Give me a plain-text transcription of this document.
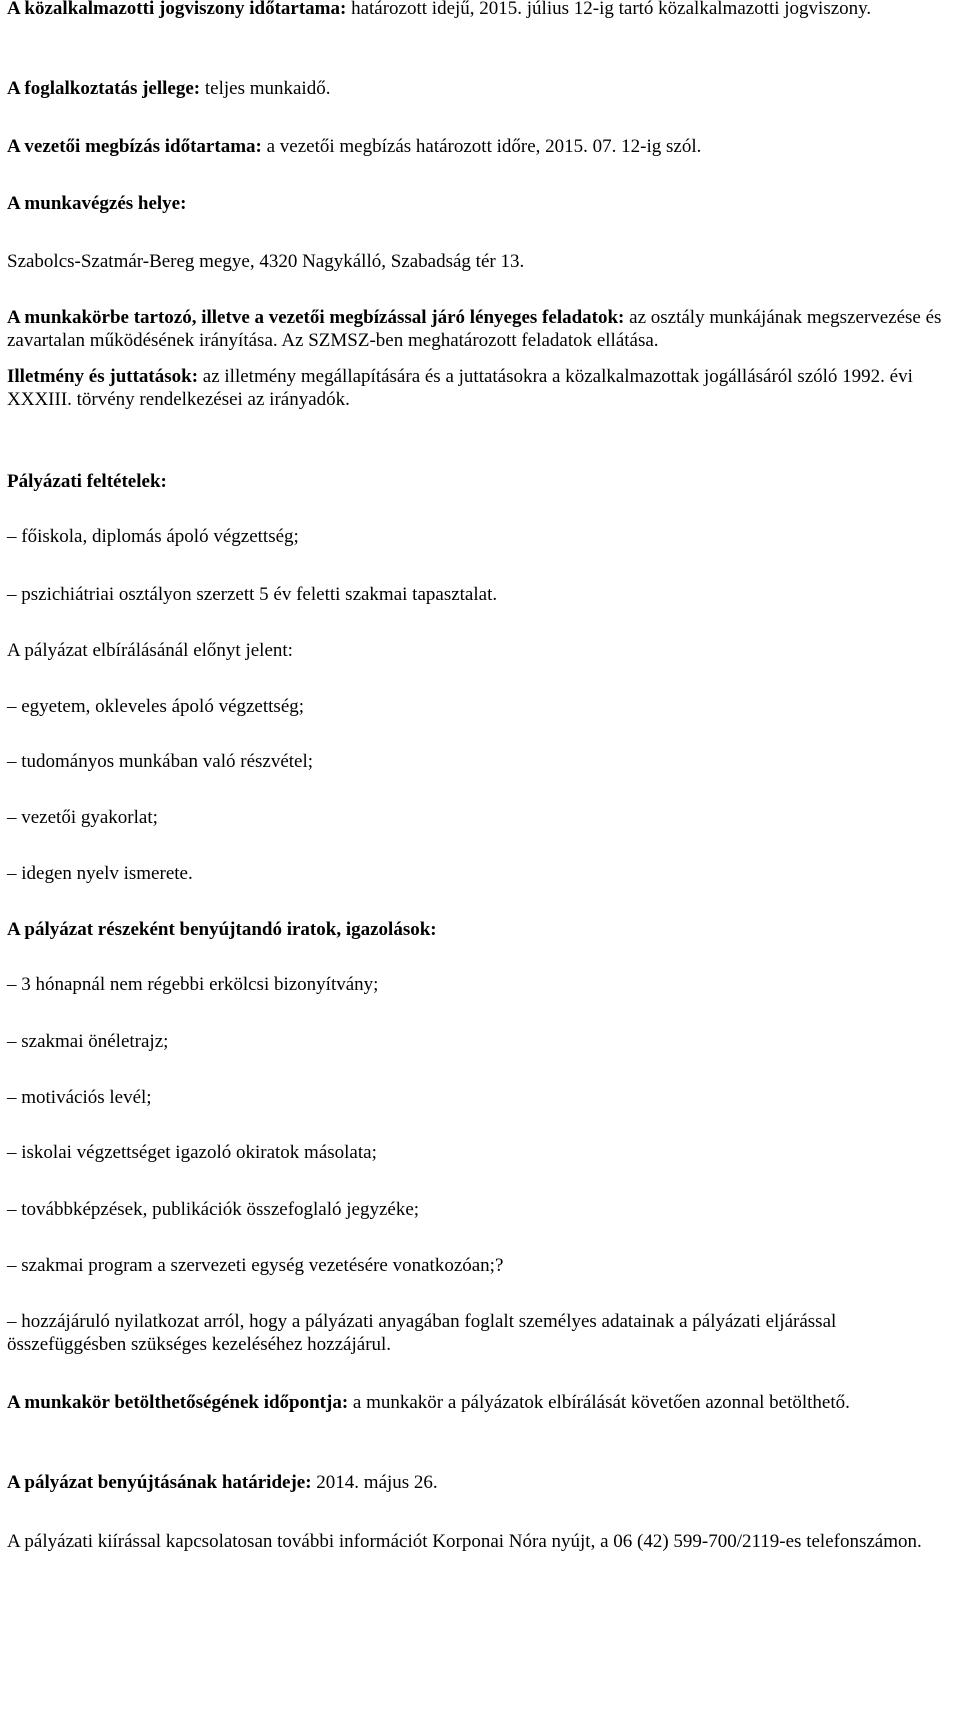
A közalkalmazotti jogviszony időtartama: határozott idejű, 2015. július 12-ig tartó közalkalmazotti jogviszony.

A foglalkoztatás jellege: teljes munkaidő.

A vezetői megbízás időtartama: a vezetői megbízás határozott időre, 2015. 07. 12-ig szól.

A munkavégzés helye:

Szabolcs-Szatmár-Bereg megye, 4320 Nagykálló, Szabadság tér 13.

A munkakörbe tartozó, illetve a vezetői megbízással járó lényeges feladatok: az osztály munkájának megszervezése és zavartalan működésének irányítása. Az SZMSZ-ben meghatározott feladatok ellátása.

Illetmény és juttatások: az illetmény megállapítására és a juttatásokra a közalkalmazottak jogállásáról szóló 1992. évi XXXIII. törvény rendelkezései az irányadók.

Pályázati feltételek:

– főiskola, diplomás ápoló végzettség;

– pszichiátriai osztályon szerzett 5 év feletti szakmai tapasztalat.

A pályázat elbírálásánál előnyt jelent:

– egyetem, okleveles ápoló végzettség;

– tudományos munkában való részvétel;

– vezetői gyakorlat;

– idegen nyelv ismerete.

A pályázat részeként benyújtandó iratok, igazolások:

– 3 hónapnál nem régebbi erkölcsi bizonyítvány;

– szakmai önéletrajz;

– motivációs levél;

– iskolai végzettséget igazoló okiratok másolata;

– továbbképzések, publikációk összefoglaló jegyzéke;

– szakmai program a szervezeti egység vezetésére vonatkozóan;?

– hozzájáruló nyilatkozat arról, hogy a pályázati anyagában foglalt személyes adatainak a pályázati eljárással összefüggésben szükséges kezeléséhez hozzájárul.

A munkakör betölthetőségének időpontja: a munkakör a pályázatok elbírálását követően azonnal betölthető.

A pályázat benyújtásának határideje: 2014. május 26.

A pályázati kiírással kapcsolatosan további információt Korponai Nóra nyújt, a 06 (42) 599-700/2119-es telefonszámon.
